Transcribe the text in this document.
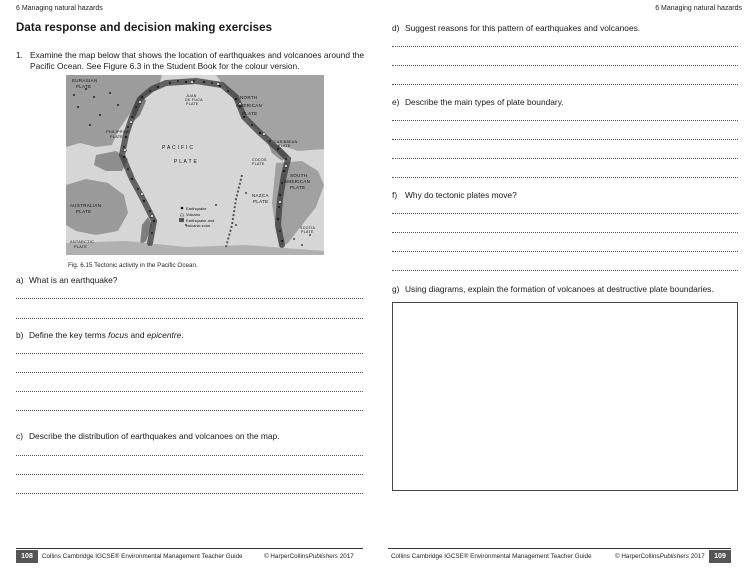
6 Managing natural hazards
Data response and decision making exercises
1. Examine the map below that shows the location of earthquakes and volcanoes around the Pacific Ocean. See Figure 6.3 in the Student Book for the colour version.
EURASIAN
PLATE
JUAN
DE FUCA
PLATE
NORTH
AMERICAN
PLATE
PHILIPPINE
PLATE
P A C I F I C
P L A T E
CARIBBEAN
PLATE
COCOS
PLATE
NAZCA
PLATE
SOUTH
AMERICAN
PLATE
AUSTRALIAN
PLATE
SCOTIA
PLATE
ANTARCTIC
PLATE
Earthquake
Volcano
Earthquake and
volcanic zone
Fig. 6.15 Tectonic activity in the Pacific Ocean.
a) What is an earthquake?
b) Define the key terms focus and epicentre.
c) Describe the distribution of earthquakes and volcanoes on the map.
108	Collins Cambridge IGCSE® Environmental Management Teacher Guide	© HarperCollinsPublishers 2017
6 Managing natural hazards
d) Suggest reasons for this pattern of earthquakes and volcanoes.
e) Describe the main types of plate boundary.
f) Why do tectonic plates move?
g) Using diagrams, explain the formation of volcanoes at destructive plate boundaries.
Collins Cambridge IGCSE® Environmental Management Teacher Guide	© HarperCollinsPublishers 2017	109
